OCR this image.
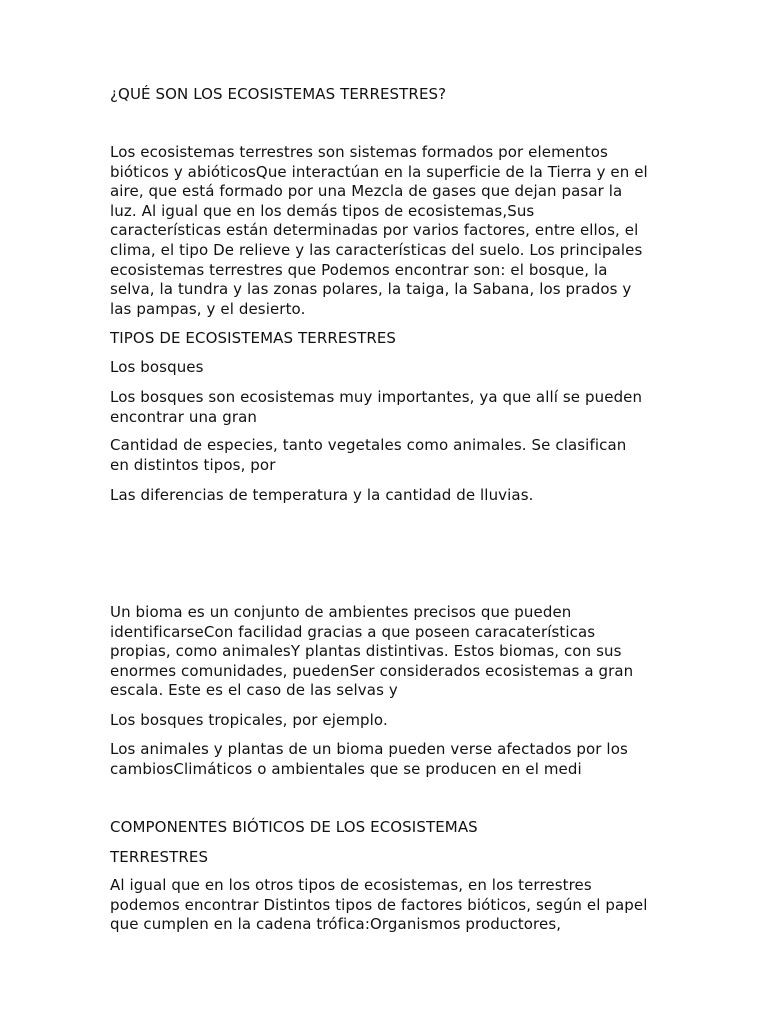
¿QUÉ SON LOS ECOSISTEMAS TERRESTRES?

Los ecosistemas terrestres son sistemas formados por elementos
bióticos y abióticosQue interactúan en la superficie de la Tierra y en el
aire, que está formado por una Mezcla de gases que dejan pasar la
luz. Al igual que en los demás tipos de ecosistemas,Sus
características están determinadas por varios factores, entre ellos, el
clima, el tipo De relieve y las características del suelo. Los principales
ecosistemas terrestres que Podemos encontrar son: el bosque, la
selva, la tundra y las zonas polares, la taiga, la Sabana, los prados y
las pampas, y el desierto.

TIPOS DE ECOSISTEMAS TERRESTRES

Los bosques

Los bosques son ecosistemas muy importantes, ya que allí se pueden
encontrar una gran

Cantidad de especies, tanto vegetales como animales. Se clasifican
en distintos tipos, por

Las diferencias de temperatura y la cantidad de lluvias.

Un bioma es un conjunto de ambientes precisos que pueden
identificarseCon facilidad gracias a que poseen caracaterísticas
propias, como animalesY plantas distintivas. Estos biomas, con sus
enormes comunidades, puedenSer considerados ecosistemas a gran
escala. Este es el caso de las selvas y

Los bosques tropicales, por ejemplo.

Los animales y plantas de un bioma pueden verse afectados por los
cambiosClimáticos o ambientales que se producen en el medi

COMPONENTES BIÓTICOS DE LOS ECOSISTEMAS

TERRESTRES

Al igual que en los otros tipos de ecosistemas, en los terrestres
podemos encontrar Distintos tipos de factores bióticos, según el papel
que cumplen en la cadena trófica:Organismos productores,
